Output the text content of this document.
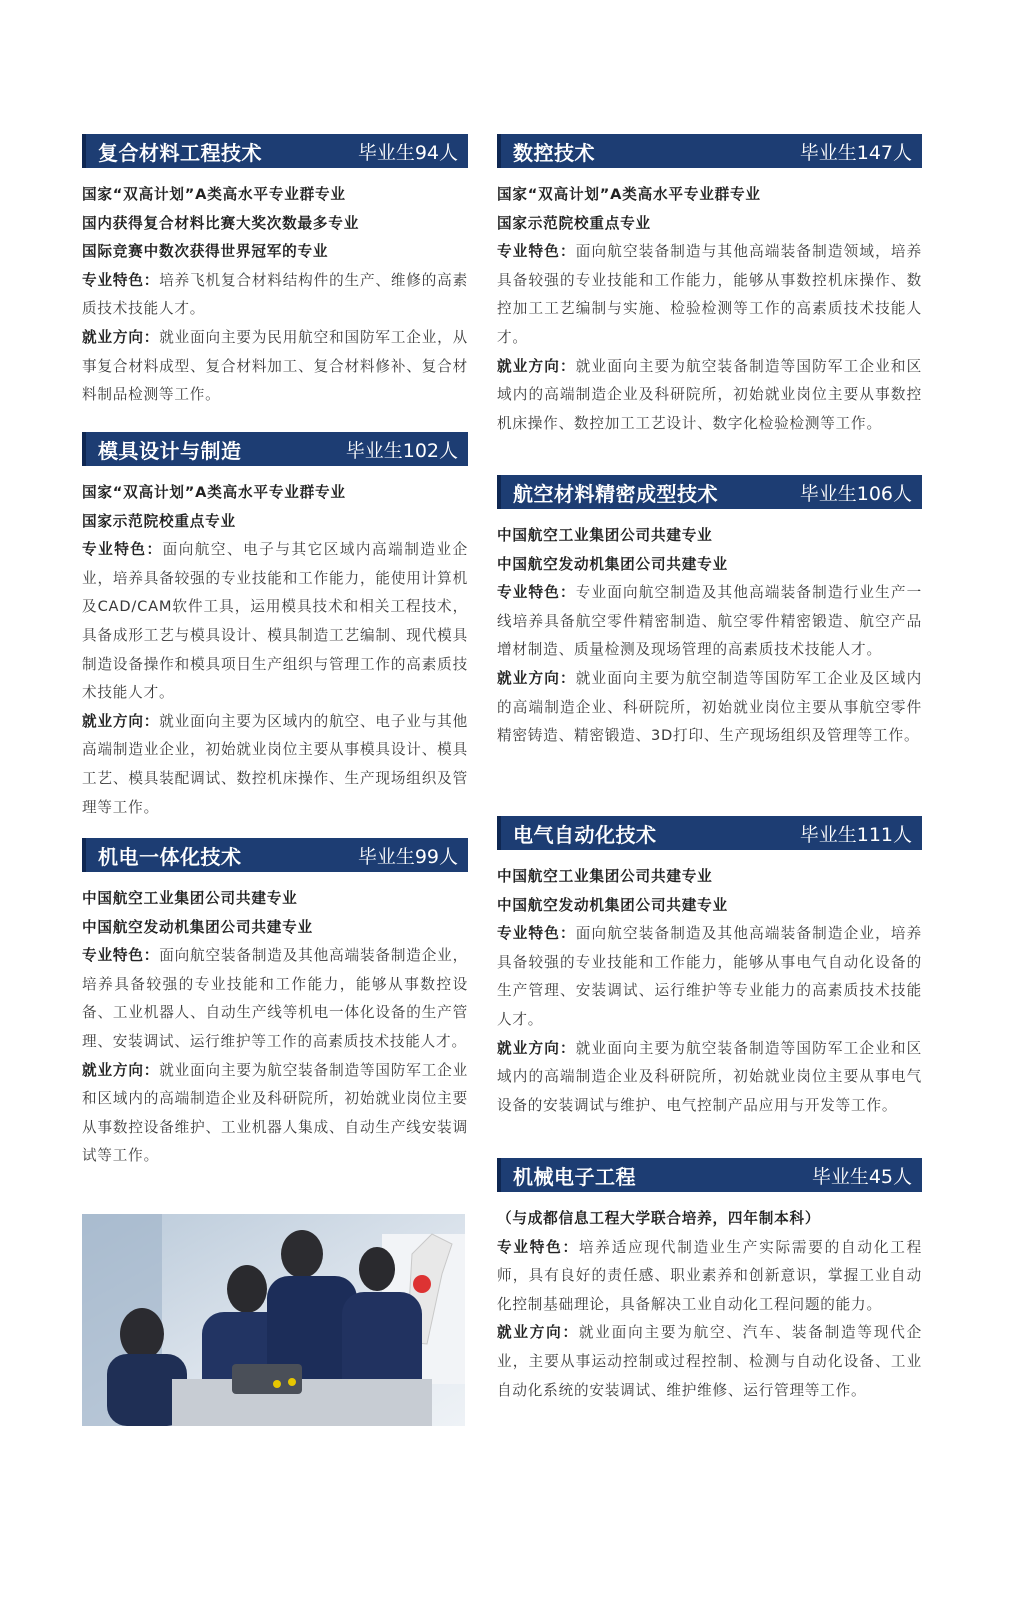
复合材料工程技术	毕业生94人
国家“双高计划”A类高水平专业群专业
国内获得复合材料比赛大奖次数最多专业
国际竞赛中数次获得世界冠军的专业

专业特色：培养飞机复合材料结构件的生产、维修的高素质技术技能人才。

就业方向：就业面向主要为民用航空和国防军工企业，从事复合材料成型、复合材料加工、复合材料修补、复合材料制品检测等工作。

模具设计与制造	毕业生102人
国家“双高计划”A类高水平专业群专业
国家示范院校重点专业

专业特色：面向航空、电子与其它区域内高端制造业企业，培养具备较强的专业技能和工作能力，能使用计算机及CAD/CAM软件工具，运用模具技术和相关工程技术，具备成形工艺与模具设计、模具制造工艺编制、现代模具制造设备操作和模具项目生产组织与管理工作的高素质技术技能人才。

就业方向：就业面向主要为区域内的航空、电子业与其他高端制造业企业，初始就业岗位主要从事模具设计、模具工艺、模具装配调试、数控机床操作、生产现场组织及管理等工作。

机电一体化技术	毕业生99人
中国航空工业集团公司共建专业
中国航空发动机集团公司共建专业

专业特色：面向航空装备制造及其他高端装备制造企业，培养具备较强的专业技能和工作能力，能够从事数控设备、工业机器人、自动生产线等机电一体化设备的生产管理、安装调试、运行维护等工作的高素质技术技能人才。

就业方向：就业面向主要为航空装备制造等国防军工企业和区域内的高端制造企业及科研院所，初始就业岗位主要从事数控设备维护、工业机器人集成、自动生产线安装调试等工作。

数控技术	毕业生147人
国家“双高计划”A类高水平专业群专业
国家示范院校重点专业

专业特色：面向航空装备制造与其他高端装备制造领域，培养具备较强的专业技能和工作能力，能够从事数控机床操作、数控加工工艺编制与实施、检验检测等工作的高素质技术技能人才。

就业方向：就业面向主要为航空装备制造等国防军工企业和区域内的高端制造企业及科研院所，初始就业岗位主要从事数控机床操作、数控加工工艺设计、数字化检验检测等工作。

航空材料精密成型技术	毕业生106人
中国航空工业集团公司共建专业
中国航空发动机集团公司共建专业

专业特色：专业面向航空制造及其他高端装备制造行业生产一线培养具备航空零件精密制造、航空零件精密锻造、航空产品增材制造、质量检测及现场管理的高素质技术技能人才。

就业方向：就业面向主要为航空制造等国防军工企业及区域内的高端制造企业、科研院所，初始就业岗位主要从事航空零件精密铸造、精密锻造、3D打印、生产现场组织及管理等工作。

电气自动化技术	毕业生111人
中国航空工业集团公司共建专业
中国航空发动机集团公司共建专业

专业特色：面向航空装备制造及其他高端装备制造企业，培养具备较强的专业技能和工作能力，能够从事电气自动化设备的生产管理、安装调试、运行维护等专业能力的高素质技术技能人才。

就业方向：就业面向主要为航空装备制造等国防军工企业和区域内的高端制造企业及科研院所，初始就业岗位主要从事电气设备的安装调试与维护、电气控制产品应用与开发等工作。

机械电子工程	毕业生45人
（与成都信息工程大学联合培养，四年制本科）

专业特色：培养适应现代制造业生产实际需要的自动化工程师，具有良好的责任感、职业素养和创新意识，掌握工业自动化控制基础理论，具备解决工业自动化工程问题的能力。

就业方向：就业面向主要为航空、汽车、装备制造等现代企业，主要从事运动控制或过程控制、检测与自动化设备、工业自动化系统的安装调试、维护维修、运行管理等工作。
